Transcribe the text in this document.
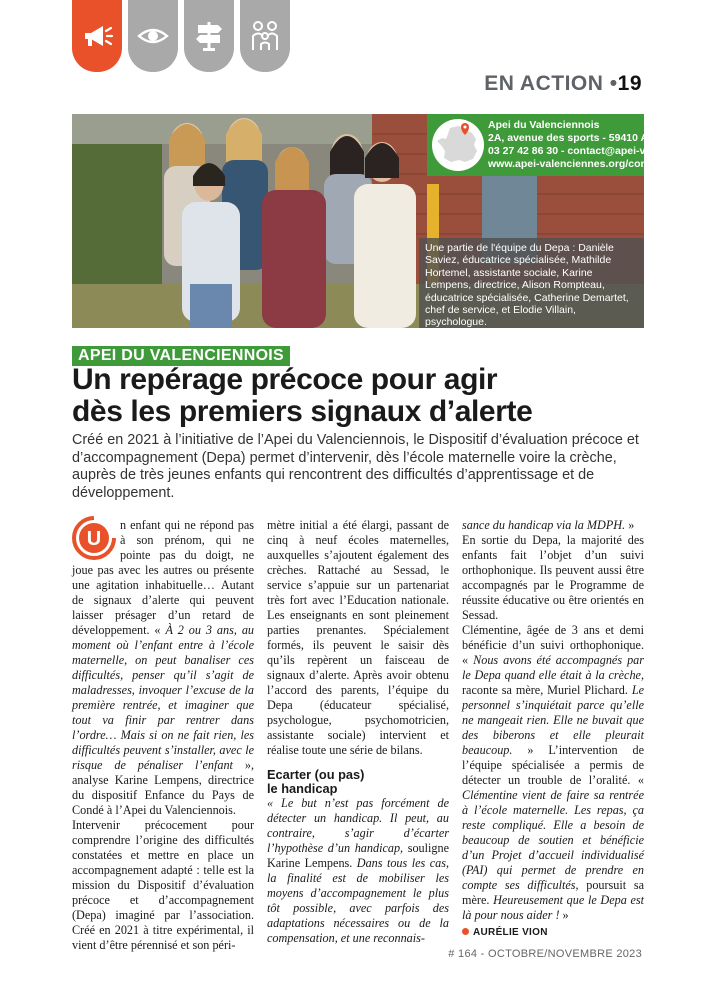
EN ACTION •19
Apei du Valenciennois
2A, avenue des sports - 59410 Anzin
03 27 42 86 30 - contact@apei-val-59.org
www.apei-valenciennes.org/contact/
Une partie de l'équipe du Depa : Danièle Saviez, éducatrice spécialisée, Mathilde Hortemel, assistante sociale, Karine Lempens, directrice, Alison Rompteau, éducatrice spécialisée, Catherine Demartet, chef de service, et Elodie Villain, psychologue.
APEI DU VALENCIENNOIS
Un repérage précoce pour agir
dès les premiers signaux d’alerte
Créé en 2021 à l’initiative de l’Apei du Valenciennois, le Dispositif d’évaluation précoce et d’accompagnement (Depa) permet d’intervenir, dès l’école maternelle voire la crèche, auprès de très jeunes enfants qui rencontrent des difficultés d’apprentissage et de développement.
U

n enfant qui ne répond pas à son prénom, qui ne pointe pas du doigt, ne joue pas avec les autres ou présente une agitation inhabituelle… Autant de signaux d’alerte qui peuvent laisser présager d’un retard de développement. « À 2 ou 3 ans, au moment où l’enfant entre à l’école maternelle, on peut banaliser ces difficultés, penser qu’il s’agit de maladresses, invoquer l’excuse de la première rentrée, et imaginer que tout va finir par rentrer dans l’ordre… Mais si on ne fait rien, les difficultés peuvent s’installer, avec le risque de pénaliser l’enfant », analyse Karine Lempens, directrice du dispositif Enfance du Pays de Condé à l’Apei du Valenciennois.

Intervenir précocement pour comprendre l’origine des difficultés constatées et mettre en place un accompagnement adapté : telle est la mission du Dispositif d’évaluation précoce et d’accompagnement (Depa) imaginé par l’association. Créé en 2021 à titre expérimental, il vient d’être pérennisé et son péri-

mètre initial a été élargi, passant de cinq à neuf écoles maternelles, auxquelles s’ajoutent également des crèches. Rattaché au Sessad, le service s’appuie sur un partenariat très fort avec l’Education nationale. Les enseignants en sont pleinement parties prenantes. Spécialement formés, ils peuvent le saisir dès qu’ils repèrent un faisceau de signaux d’alerte. Après avoir obtenu l’accord des parents, l’équipe du Depa (éducateur spécialisé, psychologue, psychomotricien, assistante sociale) intervient et réalise toute une série de bilans.

Ecarter (ou pas)
le handicap

« Le but n’est pas forcément de détecter un handicap. Il peut, au contraire, s’agir d’écarter l’hypothèse d’un handicap, souligne Karine Lempens. Dans tous les cas, la finalité est de mobiliser les moyens d’accompagnement le plus tôt possible, avec parfois des adaptations nécessaires ou de la compensation, et une reconnais-

sance du handicap via la MDPH. »

En sortie du Depa, la majorité des enfants fait l’objet d’un suivi orthophonique. Ils peuvent aussi être accompagnés par le Programme de réussite éducative ou être orientés en Sessad.

Clémentine, âgée de 3 ans et demi bénéficie d’un suivi orthophonique. « Nous avons été accompagnés par le Depa quand elle était à la crèche, raconte sa mère, Muriel Plichard. Le personnel s’inquiétait parce qu’elle ne mangeait rien. Elle ne buvait que des biberons et elle pleurait beaucoup. » L’intervention de l’équipe spécialisée a permis de détecter un trouble de l’oralité. « Clémentine vient de faire sa rentrée à l’école maternelle. Les repas, ça reste compliqué. Elle a besoin de beaucoup de soutien et bénéficie d’un Projet d’accueil individualisé (PAI) qui permet de prendre en compte ses difficultés, poursuit sa mère. Heureusement que le Depa est là pour nous aider ! »

AURÉLIE VION
# 164 - OCTOBRE/NOVEMBRE 2023
